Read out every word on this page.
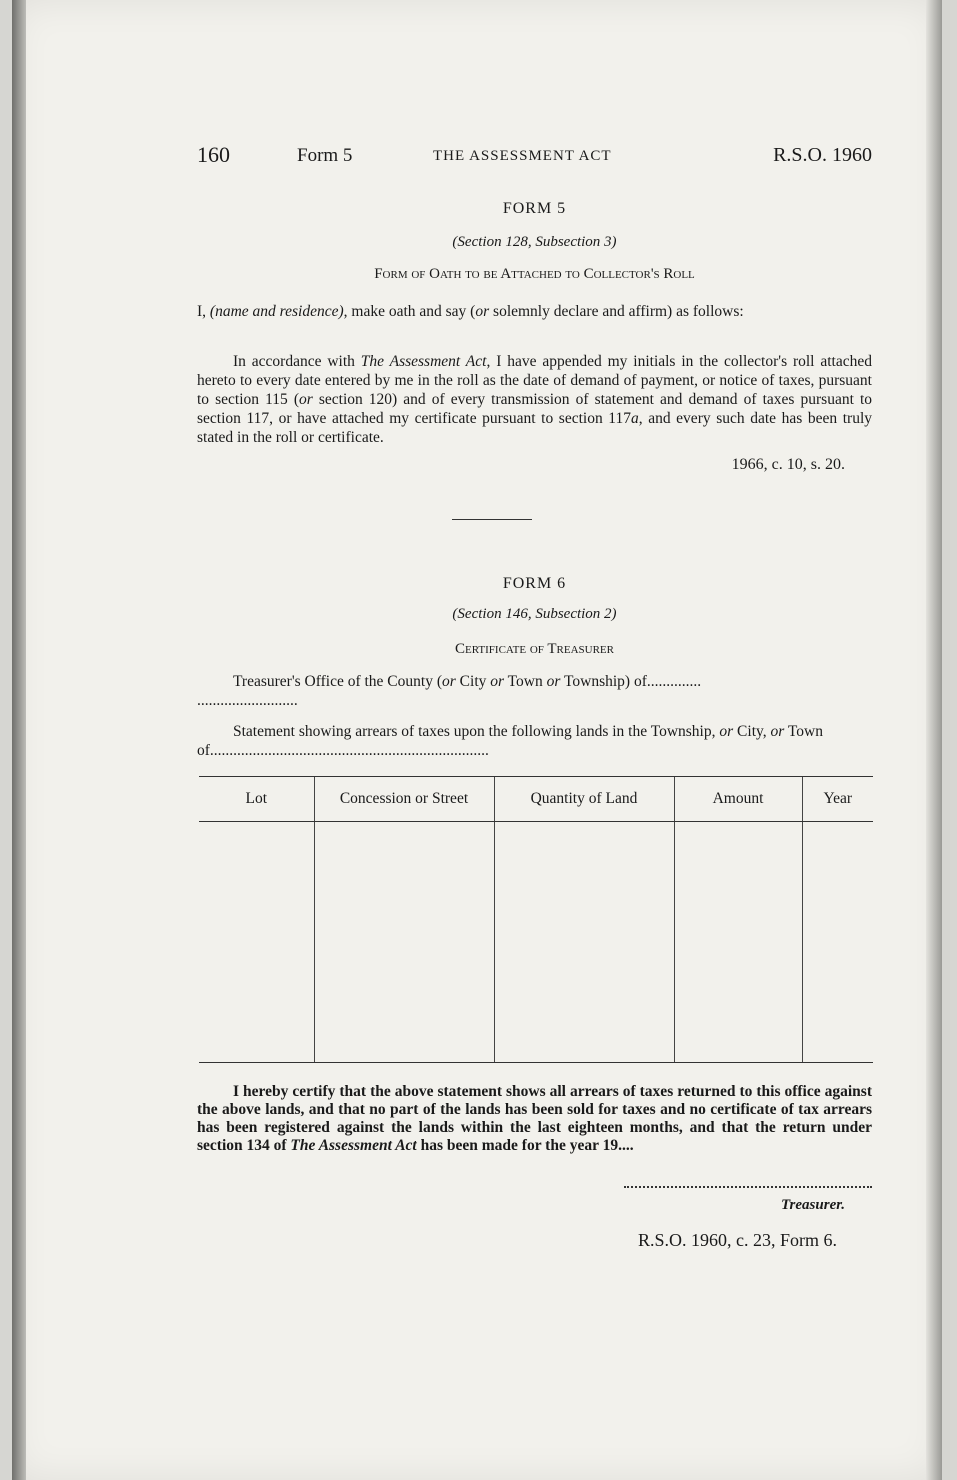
160	Form 5	THE ASSESSMENT ACT	R.S.O. 1960
FORM 5
(Section 128, Subsection 3)
Form of Oath to be Attached to Collector's Roll
I, (name and residence), make oath and say (or solemnly declare and affirm) as follows:
In accordance with The Assessment Act, I have appended my initials in the collector's roll attached hereto to every date entered by me in the roll as the date of demand of payment, or notice of taxes, pursuant to section 115 (or section 120) and of every transmission of statement and demand of taxes pursuant to section 117, or have attached my certificate pursuant to section 117a, and every such date has been truly stated in the roll or certificate.
1966, c. 10, s. 20.
FORM 6
(Section 146, Subsection 2)
Certificate of Treasurer
Treasurer's Office of the County (or City or Town or Township) of..............
..........................
Statement showing arrears of taxes upon the following lands in the Township, or City, or Town of........................................................................
Lot	Concession or Street	Quantity of Land	Amount	Year

I hereby certify that the above statement shows all arrears of taxes returned to this office against the above lands, and that no part of the lands has been sold for taxes and no certificate of tax arrears has been registered against the lands within the last eighteen months, and that the return under section 134 of The Assessment Act has been made for the year 19....
Treasurer.
R.S.O. 1960, c. 23, Form 6.
